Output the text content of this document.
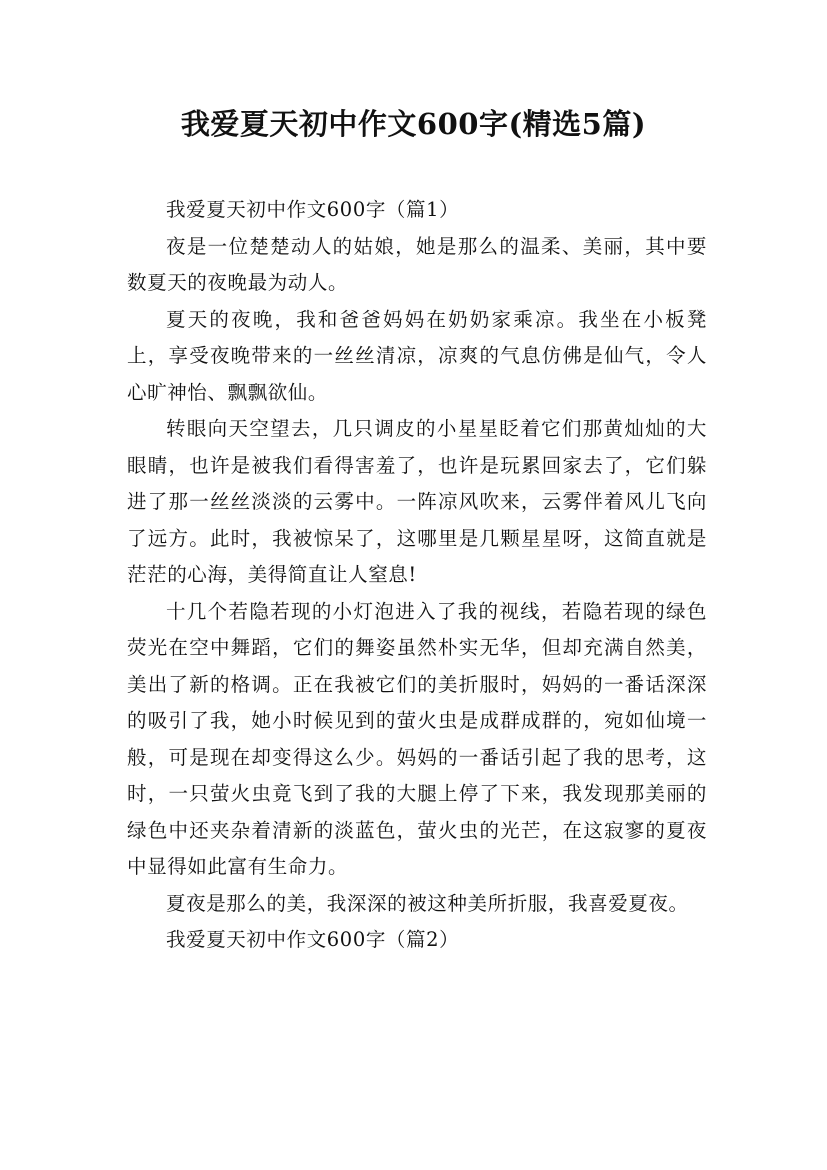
我爱夏天初中作文600字(精选5篇)

我爱夏天初中作文600字（篇1）

夜是一位楚楚动人的姑娘，她是那么的温柔、美丽，其中要数夏天的夜晚最为动人。

夏天的夜晚，我和爸爸妈妈在奶奶家乘凉。我坐在小板凳上，享受夜晚带来的一丝丝清凉，凉爽的气息仿佛是仙气，令人心旷神怡、飘飘欲仙。

转眼向天空望去，几只调皮的小星星眨着它们那黄灿灿的大眼睛，也许是被我们看得害羞了，也许是玩累回家去了，它们躲进了那一丝丝淡淡的云雾中。一阵凉风吹来，云雾伴着风儿飞向了远方。此时，我被惊呆了，这哪里是几颗星星呀，这简直就是茫茫的心海，美得简直让人窒息!

十几个若隐若现的小灯泡进入了我的视线，若隐若现的绿色荧光在空中舞蹈，它们的舞姿虽然朴实无华，但却充满自然美，美出了新的格调。正在我被它们的美折服时，妈妈的一番话深深的吸引了我，她小时候见到的萤火虫是成群成群的，宛如仙境一般，可是现在却变得这么少。妈妈的一番话引起了我的思考，这时，一只萤火虫竟飞到了我的大腿上停了下来，我发现那美丽的绿色中还夹杂着清新的淡蓝色，萤火虫的光芒，在这寂寥的夏夜中显得如此富有生命力。

夏夜是那么的美，我深深的被这种美所折服，我喜爱夏夜。

我爱夏天初中作文600字（篇2）
